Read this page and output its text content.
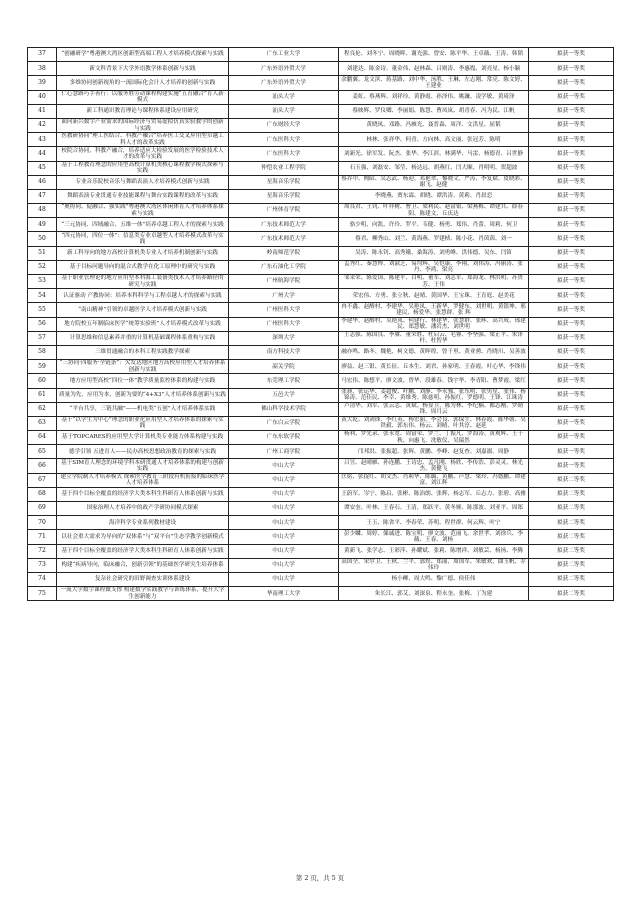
37	“创融研学”粤港澳大湾区创新型高端工程人才培养模式探索与实践	广东工业大学	程良伦、刘冬宁、周晓晖、谢光强、曾安、陈平华、王卓薇、王涛、韩韬	拟获一等奖
38	新文科背景下大学外语教学体系创新与实践	广东外语外贸大学	刘建达、陈金诗、董金伟、赵林森、吕则涛、李惠胤、刘亮星、杨小颖	拟获一等奖
39	多维协同创新视角的一流国际化会计人才培养的创新与实践	广东外语外贸大学	余鹏翼、龙文滨、蒋基路、刘中华、汤胜、王琳、左志刚、常亮、陈文婷、王建业	拟获一等奖
40	仁心慧路巧手善行：以服务胜劳动课程构建实施“五育融合”育人新模式	汕头大学	姜虹、蔡燕辉、刘祥玲、黄静霞、孙泽伟、姚濂、凌学敏、黄琦泽	拟获一等奖
41	新工科通识教育理论与课程体系建设应用研究	汕头大学	蔡映辉、罗仪卿、李丽娟、陈慧、曹凤岚、胡青春、冯为民、江帆	拟获一等奖
42	面向新兴数字产业需求的国际经济与贸易虚拟仿真实验教学的创新与实践	广东财经大学	黄晓凤、邓路、冯雁光、聂普森、周洋、文洪星、屈韬	拟获一等奖
43	医教研协同“理工医结合、科教产融合”培养医工交叉应用型卓越工科人才的改革实践	广东医科大学	林林、张祥华、何青、方向林、高文丽、张冠芳、陈明	拟获一等奖
44	校院合协同，科教产融合，培养适应大检验发展的医学检验技术人才的改革与实践	广东医科大学	刘新光、徐军发、阮杰、张华、李江滨、林满华、马雷、杨德青、吕世静	拟获一等奖
45	基于工程教育理念的应用型高校计算机类核心课程教学模式探索与实践	仲恺农业工程学院	石玉强、刘磊安、邹莹、杨达远、胡燕红、闫大顺、肖明明、贺超波	拟获一等奖
46	专业音乐院校音乐与舞蹈表演人才培养模式创新与实践	星海音乐学院	蔡乔中、陶昭、吴志武、杨迎、邓艳翠、黎晓文、严涛、李复斌、皮晓彩、谢飞、赵健	拟获一等奖
47	舞蹈表演专业贯通专业技能课程与舞台实践课程的改革与实践	星海音乐学院	李晓燕、贾东霖、胡晓、谭洪涛、黄莉、肖晨恋	拟获一等奖
48	“奥协同、促融合、强实践”粤港澳大湾区体闲体育人才培养体系探索与实践	广州体育学院	周良君、王钊、叶祥树、曹卫、梁利民、赵富银、梁燕梅、谭建共、薛春阳、陈建文、丘庆达	拟获一等奖
49	“三元协同、四域融合、五维一体”培养卓越工程人才的探索与实践	广东技术师范大学	骆少明、向凯、许玲、罗平、韦健、杨勇、郑伟、肖蕾、周莉、何卫	拟获一等奖
50	“四元协同，四位一体”：信息类专业卓越型人才培养模式改革与实践	广东技术师范大学	蔡君、柳秀山、刘兰、黄海燕、罗建桢、陈小花、肖茵茵、刘一	拟获一等奖
51	新工科导向的地方高校计算机类专业人才培养机制创新与实践	岭南师范学院	吴涛、陈永钊、高秀娥、桑海涛、刘勇峰、洪伟德、吴东、闫笛	拟获一等奖
52	基于目标问题导向的混合式教学在化工原理中的研究与实践	广东石油化工学院	孟秀红、秦慧博、刘淑芝、易均辉、吴恺康、李翔、刘伟涛、冯丽涛、张丹、李鸿、梁亮	拟获一等奖
53	基于职业管理论的地方应用型本科海工装备类技术人才培养路径的研究与实践	广州航海学院	邹采荣、陈爱国、陈建平、白明、董军、刘志军、郑海龙、林洪明、苏贵芳、王伟	拟获一等奖
54	认证驱动 产教协同：培养本科科学与工程卓越人才的探索与实践	广州大学	荣宏伟、方勇、张立秋、赵晴、黄国华、王宝珠、王育庭、赵美花	拟获一等奖
55	“南山精神”引领的卓越医学人才培养模式创新与实践	广州医科大学	冉不鑫、赵醒村、李建华、吴艳凤、王新华、罗健东、刘世明、黄银坤、邢建民、杨爱华、张慧群、张 辉	拟获一等奖
56	地方院校五年制临床医学“统筹实验班”人才培养模式改革与实践	广州医科大学	李建华、赵醒村、吴艳凤、何建行、林建华、张慧群、张辉、高兴成、邢建民、郑慧敏、潘岩杰、刘世明	拟获一等奖
57	计算思维和信息素养并重的计算机基础课程体系重构与实践	深圳大学	王志强、陈国良、李赓、董荣胜、杜启云、毛睿、李坚强、梁正平、朱泽杆、杜智华	拟获一等奖
58	三维贯通融合的本科工程实践教学探索	南方科技大学	融亦鸣、路冬、魏艳、柯文德、黄晖煌、曾千里、黄业骋、肖晓川、吴善波	拟获一等奖
59	“三协同·四服务·全链条”：欠发达地区地方高校应用型人才培养体系创新与实践	韶关学院	廖益、赵三银、黄长征、丘本生、刘君、孙家明、王春霞、叶心华、李锋伟	拟获一等奖
60	地方应用型高校“四位一体”教学质量监控体系的构建与实践	东莞理工学院	马宏伟、陈想平、廖文波、曾华、段雄春、钱宇华、李青阳、曹梦霞、梁红	拟获一等奖
61	质量为先、应用为本、创新为要的“4+X3”人才培养体系创新与实践	五邑大学	张昶、张运华、姜超俊、叶鹏、刘静、李永強、张东明、张男星、张伟、杨锦涛、范佳民、李幸、黄维秀、陈慈明、孙振红、罗德明、王锋、江珠涛	拟获一等奖
62	“平台共享，三链共融”——机电类“五创”人才培养体系实践	佛山科学技术学院	卢清华、刘军、张云志、黄斌、杨显卫、陈为林、李纪楠、都志刚、罗勋锋、周月云	拟获一等奖
63	基于“以学生为中心”理念的职业化应用型人才培养体系的探索与实践	广东白云学院	黄大乾、刘剑锋、李红英、杨宏丽、李会良、郭保生、林春霞、陈华朝、吴铁毅、郭东伟、杨云、刘晴、叶其淳、赵延	拟获一等奖
64	基于TOPCARES的应用型大学计算机类专业能力体系构建与实践	广东东软学院	杨利、罗先录、张永宽、周富荣、罗兰、丁振凡、罗海涛、黄观辉、王千秋、向惠飞、冼敏仪、吴瑞然	拟获一等奖
65	德学引领 五进育人——民办高校思想政治教育的探索与实践	广州工商学院	邝邦洪、张振超、张辉、黄鹏、李峰、赵复查、刘嘉溺、周静	拟获一等奖
66	基于SIM育人理念的环境学科本研贯通人才培养体系的构建与创新实践	中山大学	吕昱、赵晴雁、孙连鹏、王诗忠、孟凡刚、杨欣、李传浩、彭灵灵、林光杰、黄健飞	拟获一等奖
67	建立学院制人才培养模式 探索医学教育三阶段有机衔接的临床医学人才培养体系	中山大学	匡铭、张捉红、胡文杰、肖莉华、陈璐、黄鹏、芦慧、梁玲、冯德鹏、谭建富、刘江辉	拟获二等奖
68	基于四个目标全覆盖的经济学大类本科生科研育人体系创新与实践	中山大学	王蔚军、岑宁、陈启、张彬、陈治朗、张辉、杨志军、丘志力、张碧、高雅	拟获二等奖
69	国家治理人才培养中的政产学研协同模式探索	中山大学	谭安奎、叶林、王春石、王清、郑跃平、黄冬娅、陈那波、刘亚平、周郑	拟获二等奖
70	海洋科学专业系列教材建设	中山大学	王玉、陈省平、李春荣、苏明、程世群、何云辉、叶宁	拟获二等奖
71	以社会重大需求为导向的“双体系”与“双平台”生态学教学创新模式	中山大学	彭少麟、周婷、储诚进、陈宝明、廖文波、范丽飞、余世孝、刘徐兵、李薇、王春、刘杨	拟获二等奖
72	基于四个目标全覆盖的经济学大类本科生科研育人体系创新与实践	中山大学	黄新飞、张学志、王彩萍、孙耀斌、张莉、陈增祥、刘敏芸、杨扬、李腾	拟获二等奖
73	构建“疾病导向，临床融合，创新引领”的基础医学研究生培养体系	中山大学	高国全、宋尔卫、王秋、兰平、郭煜、郑丽、周国军、朱敏欢、曲玉帆、乔伟玲	拟获二等奖
74	复杂社会研究的田野调查实训体系建设	中山大学	杨小柳、周大鸣、黎广德、侯佳伟	拟获二等奖
75	一流大学数字课程做支撑 构建数学实践教学与训练体系，提升大学生创新能力	华南理工大学	朱长江、郭艾、刘深泉、程永奎、张梅、丁为建	拟获二等奖
第 2 页，共 5 页
